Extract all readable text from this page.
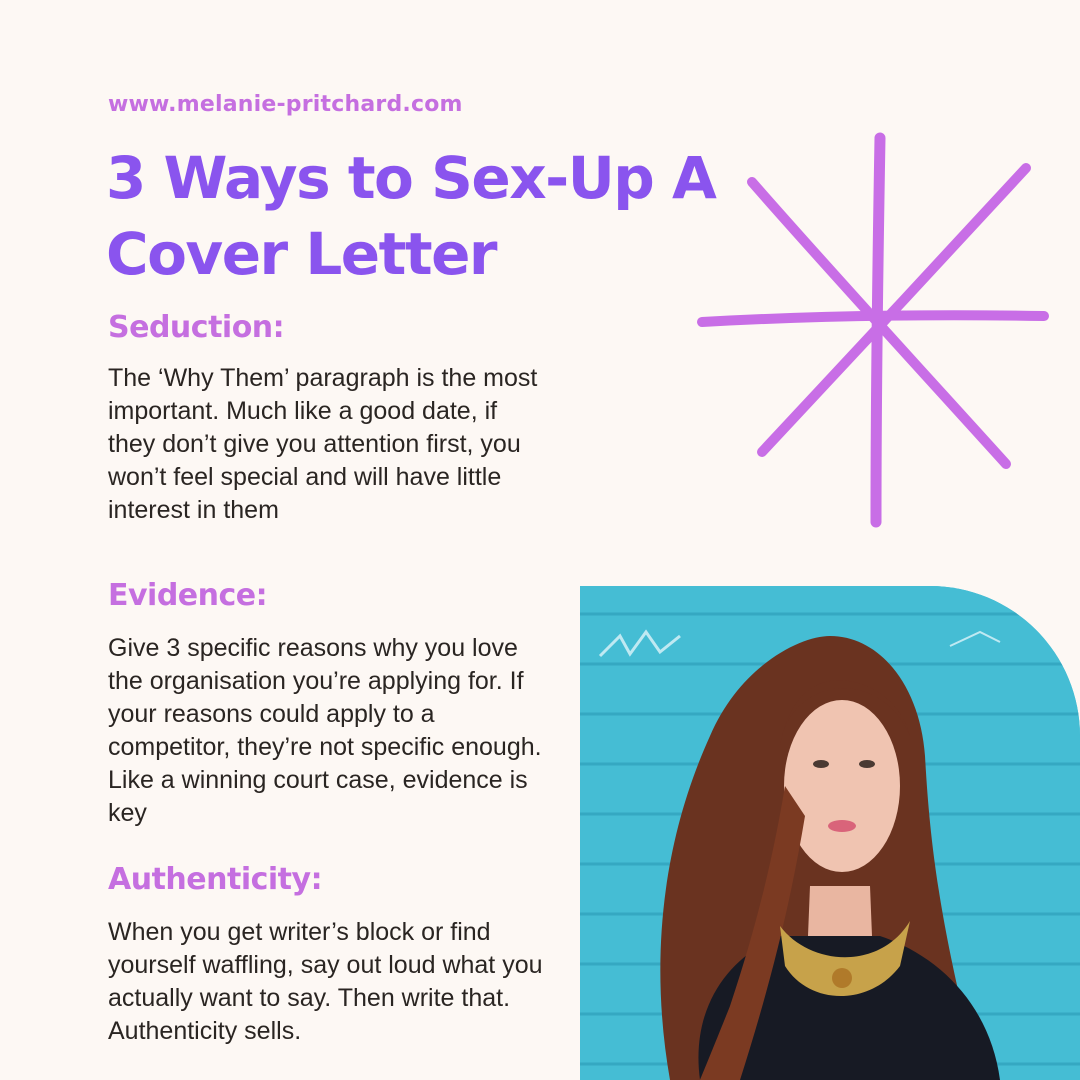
www.melanie-pritchard.com
3 Ways to Sex-Up A Cover Letter
Seduction:

The ‘Why Them’ paragraph is the most important. Much like a good date, if they don’t give you attention first, you won’t feel special and will have little interest in them

Evidence:

Give 3 specific reasons why you love the organisation you’re applying for. If your reasons could apply to a competitor, they’re not specific enough. Like a winning court case, evidence is key

Authenticity:

When you get writer’s block or find yourself waffling, say out loud what you actually want to say. Then write that. Authenticity sells.
